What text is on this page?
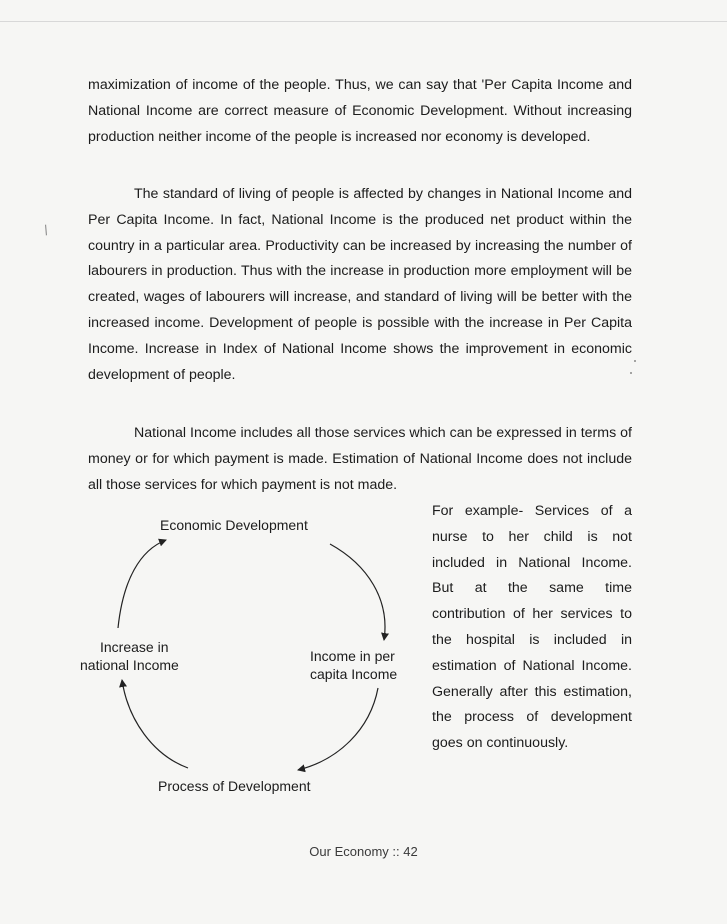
/

maximization of income of the people. Thus, we can say that 'Per Capita Income and National Income are correct measure of Economic Development. Without increasing production neither income of the people is increased nor economy is developed.

The standard of living of people is affected by changes in National Income and Per Capita Income. In fact, National Income is the produced net product within the country in a particular area. Productivity can be increased by increasing the number of labourers in production. Thus with the increase in production more employment will be created, wages of labourers will increase, and standard of living will be better with the increased income. Development of people is possible with the increase in Per Capita Income. Increase in Index of National Income shows the improvement in economic development of people.

National Income includes all those services which can be expressed in terms of money or for which payment is made. Estimation of National Income does not include all those services for which payment is not made.

For example- Services of a nurse to her child is not included in National Income. But at the same time contribution of her services to the hospital is included in estimation of National Income. Generally after this estimation, the process of development goes on continuously.

Economic Development
Increase in
national Income
Income in per
capita Income
Process of Development
Our Economy :: 42
